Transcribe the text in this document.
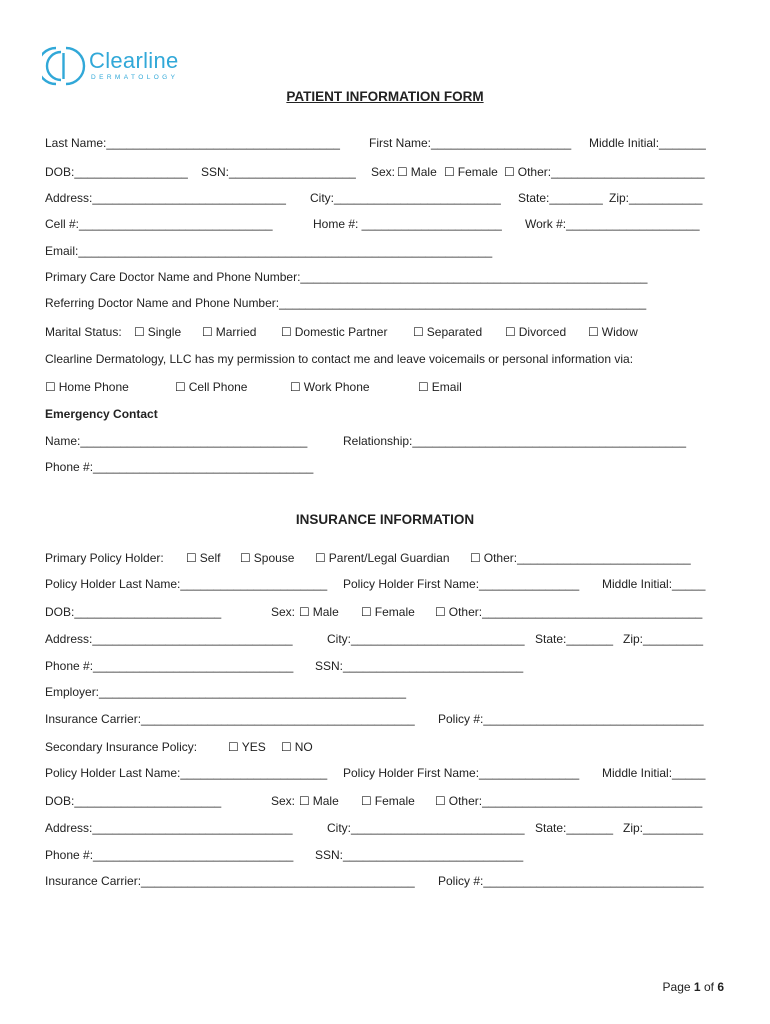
Clearline
DERMATOLOGY
PATIENT INFORMATION FORM
Last Name:___________________________________ First Name:_____________________ Middle Initial:_______
DOB:_________________ SSN:___________________ Sex:	☐ Male	☐ Female	☐ Other:_______________________
Address:_____________________________ City:_________________________ State:________ Zip:___________
Cell #:_____________________________	Home #: _____________________ Work #:____________________
Email:______________________________________________________________
Primary Care Doctor Name and Phone Number:____________________________________________________
Referring Doctor Name and Phone Number:_______________________________________________________
Marital Status:	☐ Single	☐ Married	☐ Domestic Partner	☐ Separated	☐ Divorced	☐ Widow
Clearline Dermatology, LLC has my permission to contact me and leave voicemails or personal information via:
☐ Home Phone	☐ Cell Phone	☐ Work Phone	☐ Email
Emergency Contact
Name:__________________________________	Relationship:_________________________________________
Phone #:_________________________________
INSURANCE INFORMATION
Primary Policy Holder:	☐ Self	☐ Spouse	☐ Parent/Legal Guardian	☐ Other:__________________________
Policy Holder Last Name:______________________ Policy Holder First Name:_______________ Middle Initial:_____
DOB:______________________	Sex:	☐ Male	☐ Female	☐ Other:_________________________________
Address:______________________________	City:__________________________ State:_______ Zip:_________
Phone #:______________________________ SSN:___________________________
Employer:______________________________________________
Insurance Carrier:_________________________________________ Policy #:_________________________________
Secondary Insurance Policy:	☐ YES	☐ NO
Policy Holder Last Name:______________________ Policy Holder First Name:_______________ Middle Initial:_____
DOB:______________________	Sex:	☐ Male	☐ Female	☐ Other:_________________________________
Address:______________________________	City:__________________________ State:_______ Zip:_________
Phone #:______________________________ SSN:___________________________
Insurance Carrier:_________________________________________ Policy #:_________________________________
Page 1 of 6
